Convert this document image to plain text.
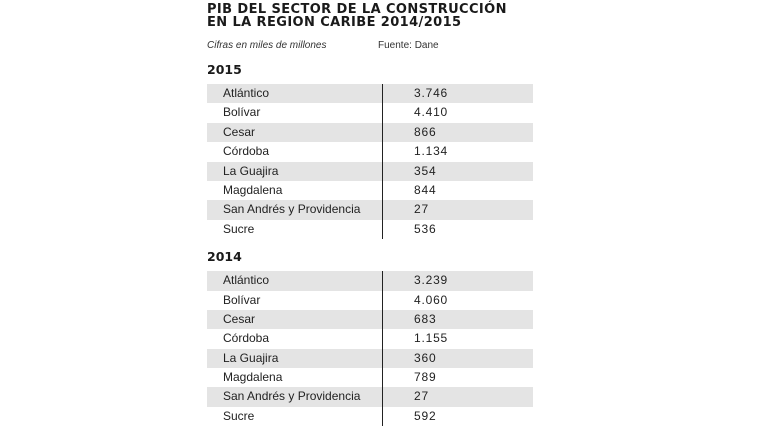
PIB DEL SECTOR DE LA CONSTRUCCIÓN EN LA REGION CARIBE 2014/2015
Cifras en miles de millones	Fuente: Dane
2015
Atlántico	3.746
Bolívar	4.410
Cesar	866
Córdoba	1.134
La Guajira	354
Magdalena	844
San Andrés y Providencia	27
Sucre	536
2014
Atlántico	3.239
Bolívar	4.060
Cesar	683
Córdoba	1.155
La Guajira	360
Magdalena	789
San Andrés y Providencia	27
Sucre	592
